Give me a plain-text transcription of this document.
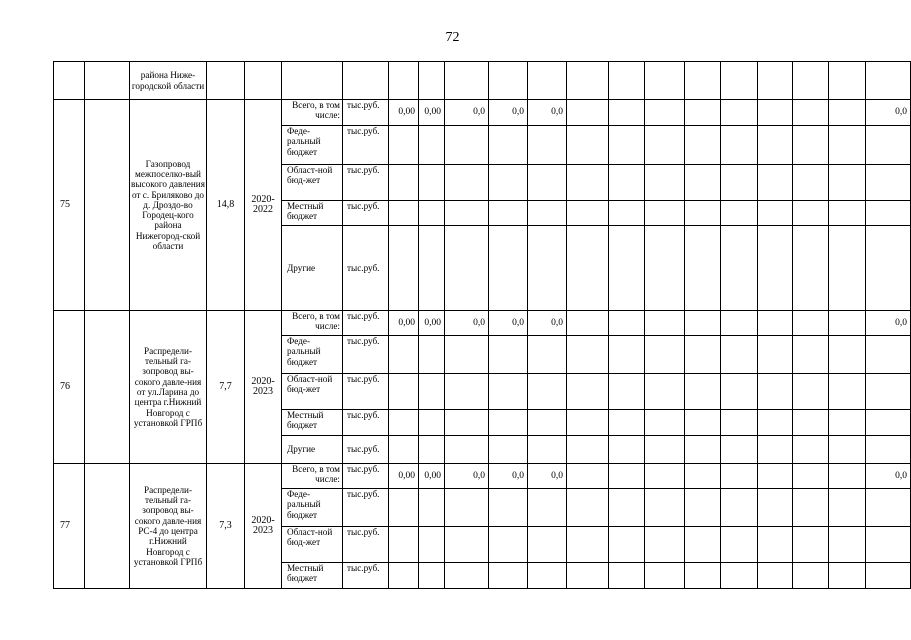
72
		района Ниже-городской области																			
75		Газопровод межпоселко-вый высокого давления от с. Бриляково до д. Дроздо-во Городец-кого района Нижегород-ской области	14,8	2020-2022	Всего, в том числе:	тыс.руб.	0,00	0,00	0,0	0,0	0,0									0,0	
					Феде-ральный бюджет	тыс.руб.															
					Област-ной бюд-жет	тыс.руб.															
					Местный бюджет	тыс.руб.															
					Другие	тыс.руб.															
76		Распредели-тельный га-зопровод вы-сокого давле-ния от ул.Ларина до центра г.Нижний Новгород с установкой ГРПб	7,7	2020-2023	Всего, в том числе:	тыс.руб.	0,00	0,00	0,0	0,0	0,0									0,0	
					Феде-ральный бюджет	тыс.руб.															
					Област-ной бюд-жет	тыс.руб.															
					Местный бюджет	тыс.руб.															
					Другие	тыс.руб.															
77		Распредели-тельный га-зопровод вы-сокого давле-ния РС-4 до центра г.Нижний Новгород с установкой ГРПб	7,3	2020-2023	Всего, в том числе:	тыс.руб.	0,00	0,00	0,0	0,0	0,0									0,0	
					Феде-ральный бюджет	тыс.руб.															
					Област-ной бюд-жет	тыс.руб.															
					Местный бюджет	тыс.руб.															
